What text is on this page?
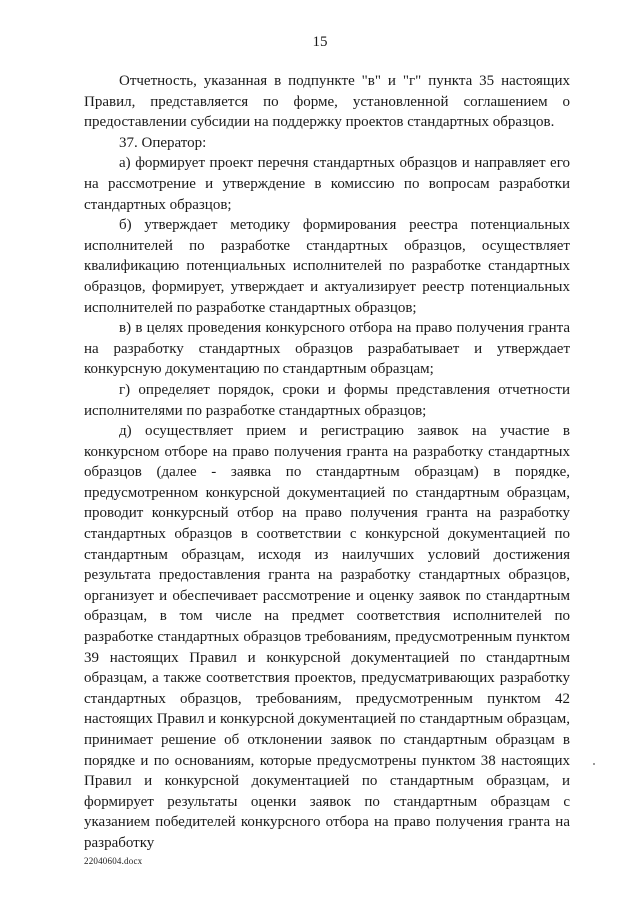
15

Отчетность, указанная в подпункте "в" и "г" пункта 35 настоящих Правил, представляется по форме, установленной соглашением о предоставлении субсидии на поддержку проектов стандартных образцов.

37. Оператор:

а) формирует проект перечня стандартных образцов и направляет его на рассмотрение и утверждение в комиссию по вопросам разработки стандартных образцов;

б) утверждает методику формирования реестра потенциальных исполнителей по разработке стандартных образцов, осуществляет квалификацию потенциальных исполнителей по разработке стандартных образцов, формирует, утверждает и актуализирует реестр потенциальных исполнителей по разработке стандартных образцов;

в) в целях проведения конкурсного отбора на право получения гранта на разработку стандартных образцов разрабатывает и утверждает конкурсную документацию по стандартным образцам;

г) определяет порядок, сроки и формы представления отчетности исполнителями по разработке стандартных образцов;

д) осуществляет прием и регистрацию заявок на участие в конкурсном отборе на право получения гранта на разработку стандартных образцов (далее - заявка по стандартным образцам) в порядке, предусмотренном конкурсной документацией по стандартным образцам, проводит конкурсный отбор на право получения гранта на разработку стандартных образцов в соответствии с конкурсной документацией по стандартным образцам, исходя из наилучших условий достижения результата предоставления гранта на разработку стандартных образцов, организует и обеспечивает рассмотрение и оценку заявок по стандартным образцам, в том числе на предмет соответствия исполнителей по разработке стандартных образцов требованиям, предусмотренным пунктом 39 настоящих Правил и конкурсной документацией по стандартным образцам, а также соответствия проектов, предусматривающих разработку стандартных образцов, требованиям, предусмотренным пунктом 42 настоящих Правил и конкурсной документацией по стандартным образцам, принимает решение об отклонении заявок по стандартным образцам в порядке и по основаниям, которые предусмотрены пунктом 38 настоящих Правил и конкурсной документацией по стандартным образцам, и формирует результаты оценки заявок по стандартным образцам с указанием победителей конкурсного отбора на право получения гранта на разработку

22040604.docx
